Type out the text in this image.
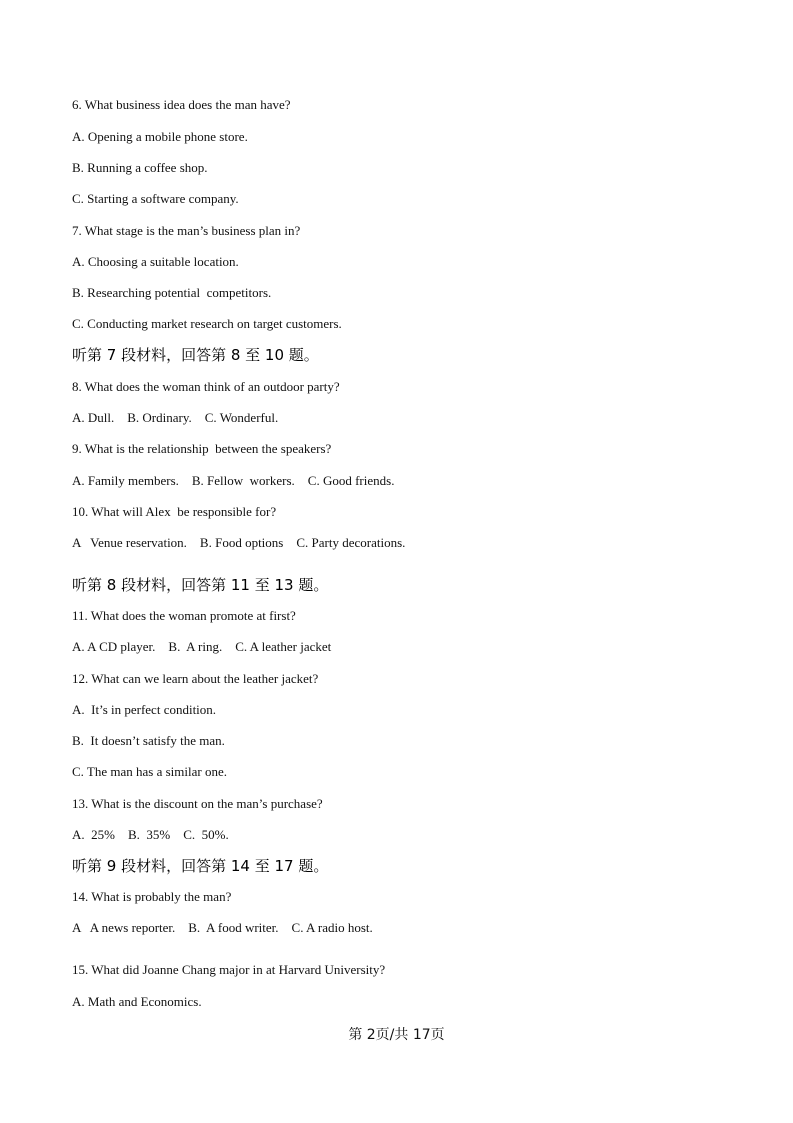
6. What business idea does the man have?
A. Opening a mobile phone store.
B. Running a coffee shop.
C. Starting a software company.
7. What stage is the man’s business plan in?
A. Choosing a suitable location.
B. Researching potential  competitors.
C. Conducting market research on target customers.
听第 7 段材料，回答第 8 至 10 题。
8. What does the woman think of an outdoor party?
A. Dull.    B. Ordinary.    C. Wonderful.
9. What is the relationship  between the speakers?
A. Family members.    B. Fellow  workers.    C. Good friends.
10. What will Alex  be responsible for?
A   Venue reservation.    B. Food options    C. Party decorations.
听第 8 段材料，回答第 11 至 13 题。
11. What does the woman promote at first?
A. A CD player.    B.  A ring.    C. A leather jacket
12. What can we learn about the leather jacket?
A.  It’s in perfect condition.
B.  It doesn’t satisfy the man.
C. The man has a similar one.
13. What is the discount on the man’s purchase?
A.  25%    B.  35%    C.  50%.
听第 9 段材料，回答第 14 至 17 题。
14. What is probably the man?
A   A news reporter.    B.  A food writer.    C. A radio host.
15. What did Joanne Chang major in at Harvard University?
A. Math and Economics.
第 2页/共 17页
